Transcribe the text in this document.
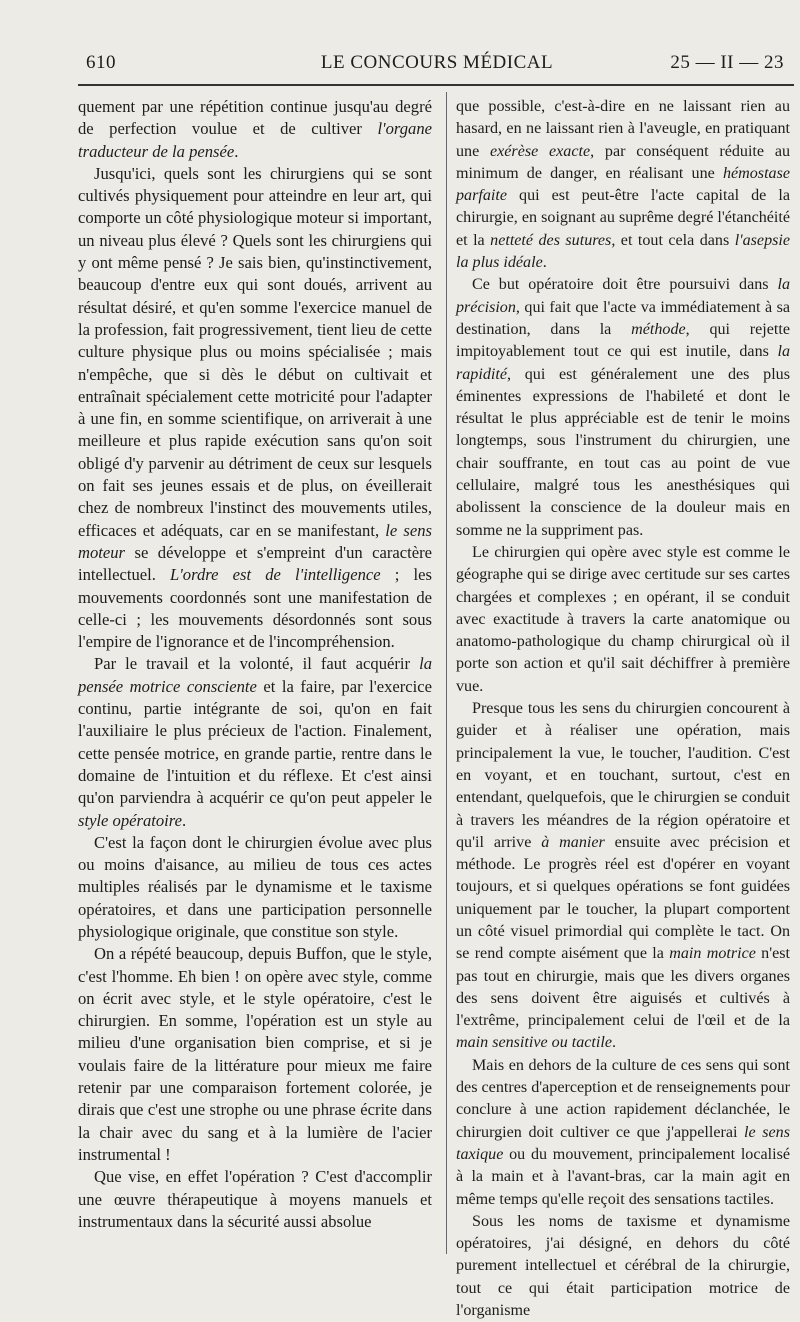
610	LE CONCOURS MÉDICAL	25 — II — 23

quement par une répétition continue jusqu'au degré de perfection voulue et de cultiver l'organe traducteur de la pensée.

Jusqu'ici, quels sont les chirurgiens qui se sont cultivés physiquement pour atteindre en leur art, qui comporte un côté physiologique moteur si important, un niveau plus élevé ? Quels sont les chirurgiens qui y ont même pensé ? Je sais bien, qu'instinctivement, beaucoup d'entre eux qui sont doués, arrivent au résultat désiré, et qu'en somme l'exercice manuel de la profession, fait progressivement, tient lieu de cette culture physique plus ou moins spécialisée ; mais n'empêche, que si dès le début on cultivait et entraînait spécialement cette motricité pour l'adapter à une fin, en somme scientifique, on arriverait à une meilleure et plus rapide exécution sans qu'on soit obligé d'y parvenir au détriment de ceux sur lesquels on fait ses jeunes essais et de plus, on éveillerait chez de nombreux l'instinct des mouvements utiles, efficaces et adéquats, car en se manifestant, le sens moteur se développe et s'empreint d'un caractère intellectuel. L'ordre est de l'intelligence ; les mouvements coordonnés sont une manifestation de celle-ci ; les mouvements désordonnés sont sous l'empire de l'ignorance et de l'incompréhension.

Par le travail et la volonté, il faut acquérir la pensée motrice consciente et la faire, par l'exercice continu, partie intégrante de soi, qu'on en fait l'auxiliaire le plus précieux de l'action. Finalement, cette pensée motrice, en grande partie, rentre dans le domaine de l'intuition et du réflexe. Et c'est ainsi qu'on parviendra à acquérir ce qu'on peut appeler le style opératoire.

C'est la façon dont le chirurgien évolue avec plus ou moins d'aisance, au milieu de tous ces actes multiples réalisés par le dynamisme et le taxisme opératoires, et dans une participation personnelle physiologique originale, que constitue son style.

On a répété beaucoup, depuis Buffon, que le style, c'est l'homme. Eh bien ! on opère avec style, comme on écrit avec style, et le style opératoire, c'est le chirurgien. En somme, l'opération est un style au milieu d'une organisation bien comprise, et si je voulais faire de la littérature pour mieux me faire retenir par une comparaison fortement colorée, je dirais que c'est une strophe ou une phrase écrite dans la chair avec du sang et à la lumière de l'acier instrumental !

Que vise, en effet l'opération ? C'est d'accomplir une œuvre thérapeutique à moyens manuels et instrumentaux dans la sécurité aussi absolue

que possible, c'est-à-dire en ne laissant rien au hasard, en ne laissant rien à l'aveugle, en pratiquant une exérèse exacte, par conséquent réduite au minimum de danger, en réalisant une hémostase parfaite qui est peut-être l'acte capital de la chirurgie, en soignant au suprême degré l'étanchéité et la netteté des sutures, et tout cela dans l'asepsie la plus idéale.

Ce but opératoire doit être poursuivi dans la précision, qui fait que l'acte va immédiatement à sa destination, dans la méthode, qui rejette impitoyablement tout ce qui est inutile, dans la rapidité, qui est généralement une des plus éminentes expressions de l'habileté et dont le résultat le plus appréciable est de tenir le moins longtemps, sous l'instrument du chirurgien, une chair souffrante, en tout cas au point de vue cellulaire, malgré tous les anesthésiques qui abolissent la conscience de la douleur mais en somme ne la suppriment pas.

Le chirurgien qui opère avec style est comme le géographe qui se dirige avec certitude sur ses cartes chargées et complexes ; en opérant, il se conduit avec exactitude à travers la carte anatomique ou anatomo-pathologique du champ chirurgical où il porte son action et qu'il sait déchiffrer à première vue.

Presque tous les sens du chirurgien concourent à guider et à réaliser une opération, mais principalement la vue, le toucher, l'audition. C'est en voyant, et en touchant, surtout, c'est en entendant, quelquefois, que le chirurgien se conduit à travers les méandres de la région opératoire et qu'il arrive à manier ensuite avec précision et méthode. Le progrès réel est d'opérer en voyant toujours, et si quelques opérations se font guidées uniquement par le toucher, la plupart comportent un côté visuel primordial qui complète le tact. On se rend compte aisément que la main motrice n'est pas tout en chirurgie, mais que les divers organes des sens doivent être aiguisés et cultivés à l'extrême, principalement celui de l'œil et de la main sensitive ou tactile.

Mais en dehors de la culture de ces sens qui sont des centres d'aperception et de renseignements pour conclure à une action rapidement déclanchée, le chirurgien doit cultiver ce que j'appellerai le sens taxique ou du mouvement, principalement localisé à la main et à l'avant-bras, car la main agit en même temps qu'elle reçoit des sensations tactiles.

Sous les noms de taxisme et dynamisme opératoires, j'ai désigné, en dehors du côté purement intellectuel et cérébral de la chirurgie, tout ce qui était participation motrice de l'organisme
